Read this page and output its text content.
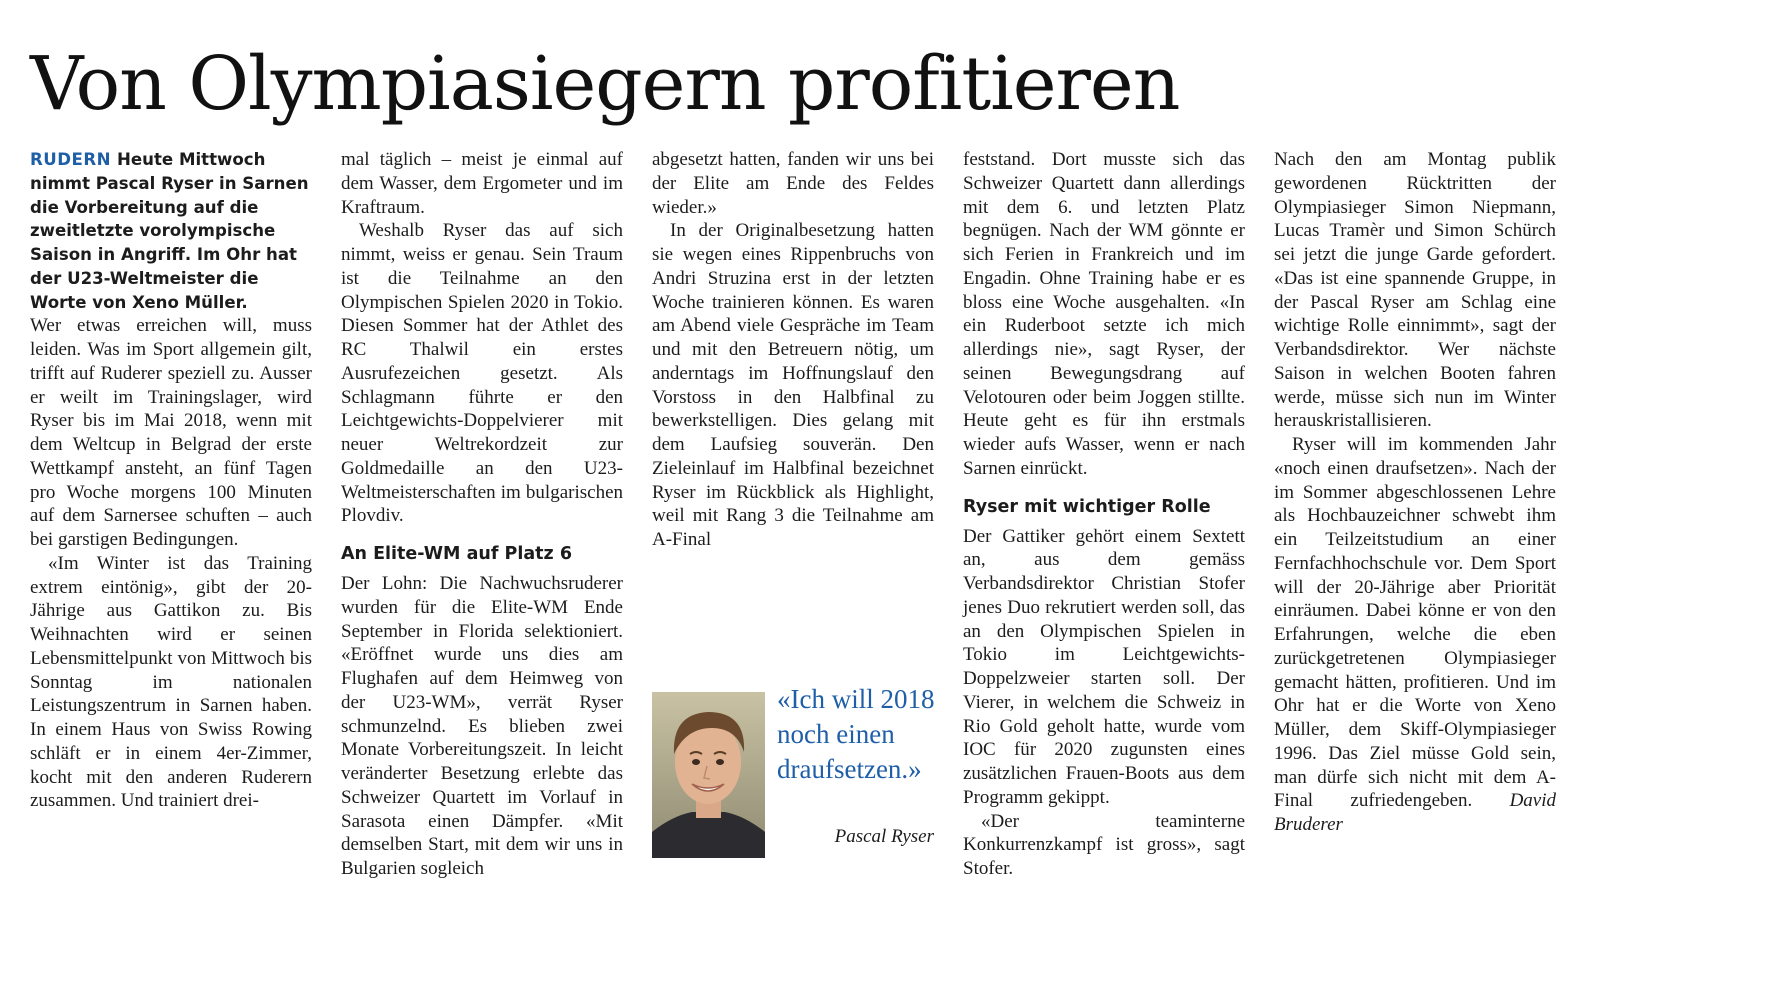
Von Olympiasiegern profitieren

RUDERN Heute Mittwoch nimmt Pascal Ryser in Sarnen die Vorbereitung auf die zweitletzte vorolympische Saison in Angriff. Im Ohr hat der U23-Weltmeister die Worte von Xeno Müller.

Wer etwas erreichen will, muss leiden. Was im Sport allgemein gilt, trifft auf Ruderer speziell zu. Ausser er weilt im Trainingslager, wird Ryser bis im Mai 2018, wenn mit dem Weltcup in Belgrad der erste Wettkampf ansteht, an fünf Tagen pro Woche morgens 100 Minuten auf dem Sarnersee schuften – auch bei garstigen Bedingungen.

«Im Winter ist das Training extrem eintönig», gibt der 20-Jährige aus Gattikon zu. Bis Weihnachten wird er seinen Lebensmittelpunkt von Mittwoch bis Sonntag im nationalen Leistungszentrum in Sarnen haben. In einem Haus von Swiss Rowing schläft er in einem 4er-Zimmer, kocht mit den anderen Ruderern zusammen. Und trainiert drei-

mal täglich – meist je einmal auf dem Wasser, dem Ergometer und im Kraftraum.

Weshalb Ryser das auf sich nimmt, weiss er genau. Sein Traum ist die Teilnahme an den Olympischen Spielen 2020 in Tokio. Diesen Sommer hat der Athlet des RC Thalwil ein erstes Ausrufezeichen gesetzt. Als Schlagmann führte er den Leichtgewichts-Doppelvierer mit neuer Weltrekordzeit zur Goldmedaille an den U23-Weltmeisterschaften im bulgarischen Plovdiv.

An Elite-WM auf Platz 6

Der Lohn: Die Nachwuchsruderer wurden für die Elite-WM Ende September in Florida selektioniert. «Eröffnet wurde uns dies am Flughafen auf dem Heimweg von der U23-WM», verrät Ryser schmunzelnd. Es blieben zwei Monate Vorbereitungszeit. In leicht veränderter Besetzung erlebte das Schweizer Quartett im Vorlauf in Sarasota einen Dämpfer. «Mit demselben Start, mit dem wir uns in Bulgarien sogleich

abgesetzt hatten, fanden wir uns bei der Elite am Ende des Feldes wieder.»

In der Originalbesetzung hatten sie wegen eines Rippenbruchs von Andri Struzina erst in der letzten Woche trainieren können. Es waren am Abend viele Gespräche im Team und mit den Betreuern nötig, um anderntags im Hoffnungslauf den Vorstoss in den Halbfinal zu bewerkstelligen. Dies gelang mit dem Laufsieg souverän. Den Zieleinlauf im Halbfinal bezeichnet Ryser im Rückblick als Highlight, weil mit Rang 3 die Teilnahme am A-Final

«Ich will 2018 noch einen draufsetzen.»
Pascal Ryser

feststand. Dort musste sich das Schweizer Quartett dann allerdings mit dem 6. und letzten Platz begnügen. Nach der WM gönnte er sich Ferien in Frankreich und im Engadin. Ohne Training habe er es bloss eine Woche ausgehalten. «In ein Ruderboot setzte ich mich allerdings nie», sagt Ryser, der seinen Bewegungsdrang auf Velotouren oder beim Joggen stillte. Heute geht es für ihn erstmals wieder aufs Wasser, wenn er nach Sarnen einrückt.

Ryser mit wichtiger Rolle

Der Gattiker gehört einem Sextett an, aus dem gemäss Verbandsdirektor Christian Stofer jenes Duo rekrutiert werden soll, das an den Olympischen Spielen in Tokio im Leichtgewichts-Doppelzweier starten soll. Der Vierer, in welchem die Schweiz in Rio Gold geholt hatte, wurde vom IOC für 2020 zugunsten eines zusätzlichen Frauen-Boots aus dem Programm gekippt.

«Der teaminterne Konkurrenzkampf ist gross», sagt Stofer.

Nach den am Montag publik gewordenen Rücktritten der Olympiasieger Simon Niepmann, Lucas Tramèr und Simon Schürch sei jetzt die junge Garde gefordert. «Das ist eine spannende Gruppe, in der Pascal Ryser am Schlag eine wichtige Rolle einnimmt», sagt der Verbandsdirektor. Wer nächste Saison in welchen Booten fahren werde, müsse sich nun im Winter herauskristallisieren.

Ryser will im kommenden Jahr «noch einen draufsetzen». Nach der im Sommer abgeschlossenen Lehre als Hochbauzeichner schwebt ihm ein Teilzeitstudium an einer Fernfachhochschule vor. Dem Sport will der 20-Jährige aber Priorität einräumen. Dabei könne er von den Erfahrungen, welche die eben zurückgetretenen Olympiasieger gemacht hätten, profitieren. Und im Ohr hat er die Worte von Xeno Müller, dem Skiff-Olympiasieger 1996. Das Ziel müsse Gold sein, man dürfe sich nicht mit dem A-Final zufriedengeben. David Bruderer
